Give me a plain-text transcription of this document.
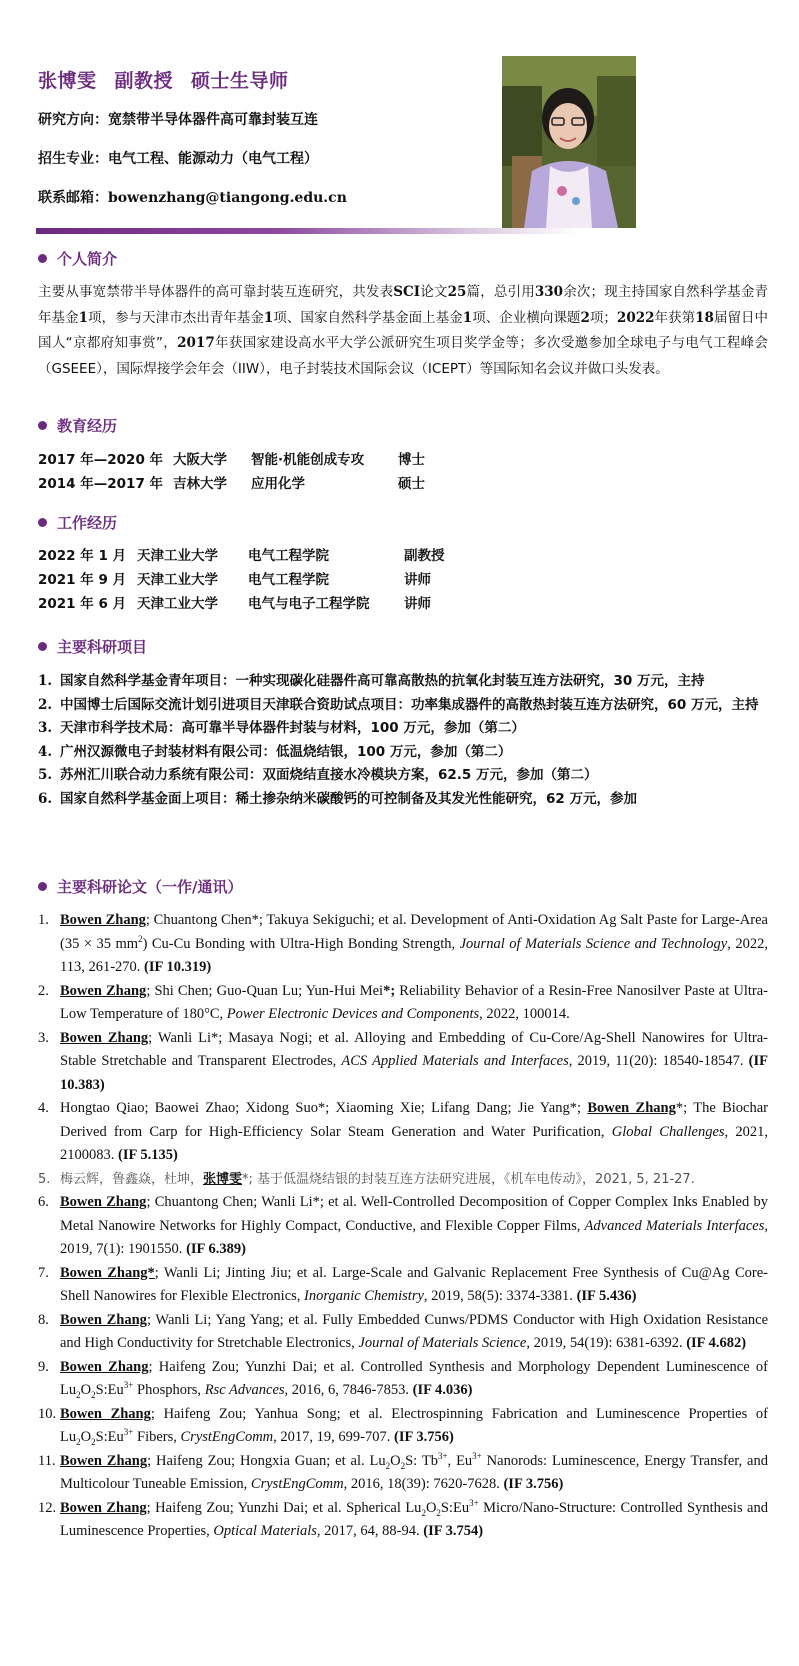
张博雯 副教授 硕士生导师
研究方向：宽禁带半导体器件高可靠封装互连
招生专业：电气工程、能源动力（电气工程）
联系邮箱：bowenzhang@tiangong.edu.cn
个人简介
主要从事宽禁带半导体器件的高可靠封装互连研究，共发表SCI论文25篇，总引用330余次；现主持国家自然科学基金青年基金1项，参与天津市杰出青年基金1项、国家自然科学基金面上基金1项、企业横向课题2项；2022年获第18届留日中国人“京都府知事赏”，2017年获国家建设高水平大学公派研究生项目奖学金等；多次受邀参加全球电子与电气工程峰会（GSEEE），国际焊接学会年会（IIW），电子封装技术国际会议（ICEPT）等国际知名会议并做口头发表。
教育经历
2017 年—2020 年 大阪大学 智能·机能创成专攻	博士
2014 年—2017 年 吉林大学 应用化学	硕士
工作经历
2022 年 1 月 天津工业大学 电气工程学院	副教授
2021 年 9 月 天津工业大学 电气工程学院	讲师
2021 年 6 月 天津工业大学 电气与电子工程学院	讲师
主要科研项目
1. 国家自然科学基金青年项目：一种实现碳化硅器件高可靠高散热的抗氧化封装互连方法研究，30 万元，主持
2. 中国博士后国际交流计划引进项目天津联合资助试点项目：功率集成器件的高散热封装互连方法研究，60 万元，主持
3. 天津市科学技术局：高可靠半导体器件封装与材料，100 万元，参加（第二）
4. 广州汉源微电子封装材料有限公司：低温烧结银，100 万元，参加（第二）
5. 苏州汇川联合动力系统有限公司：双面烧结直接水冷模块方案，62.5 万元，参加（第二）
6. 国家自然科学基金面上项目：稀土掺杂纳米碳酸钙的可控制备及其发光性能研究，62 万元，参加
主要科研论文（一作/通讯）
1. Bowen Zhang; Chuantong Chen*; Takuya Sekiguchi; et al. Development of Anti-Oxidation Ag Salt Paste for Large-Area (35 × 35 $mm^2$) Cu-Cu Bonding with Ultra-High Bonding Strength, Journal of Materials Science and Technology, 2022, 113, 261-270. (IF 10.319)
2. Bowen Zhang; Shi Chen; Guo-Quan Lu; Yun-Hui Mei*; Reliability Behavior of a Resin-Free Nanosilver Paste at Ultra-Low Temperature of 180°C, Power Electronic Devices and Components, 2022, 100014.
3. Bowen Zhang; Wanli Li*; Masaya Nogi; et al. Alloying and Embedding of Cu-Core/Ag-Shell Nanowires for Ultra-Stable Stretchable and Transparent Electrodes, ACS Applied Materials and Interfaces, 2019, 11(20): 18540-18547. (IF 10.383)
4. Hongtao Qiao; Baowei Zhao; Xidong Suo*; Xiaoming Xie; Lifang Dang; Jie Yang*; Bowen Zhang*; The Biochar Derived from Carp for High-Efficiency Solar Steam Generation and Water Purification, Global Challenges, 2021, 2100083. (IF 5.135)
5. 梅云辉，鲁鑫焱，杜坤，张博雯*; 基于低温烧结银的封装互连方法研究进展，《机车电传动》，2021, 5, 21-27.
6. Bowen Zhang; Chuantong Chen; Wanli Li*; et al. Well-Controlled Decomposition of Copper Complex Inks Enabled by Metal Nanowire Networks for Highly Compact, Conductive, and Flexible Copper Films, Advanced Materials Interfaces, 2019, 7(1): 1901550. (IF 6.389)
7. Bowen Zhang*; Wanli Li; Jinting Jiu; et al. Large-Scale and Galvanic Replacement Free Synthesis of Cu@Ag Core-Shell Nanowires for Flexible Electronics, Inorganic Chemistry, 2019, 58(5): 3374-3381. (IF 5.436)
8. Bowen Zhang; Wanli Li; Yang Yang; et al. Fully Embedded Cunws/PDMS Conductor with High Oxidation Resistance and High Conductivity for Stretchable Electronics, Journal of Materials Science, 2019, 54(19): 6381-6392. (IF 4.682)
9. Bowen Zhang; Haifeng Zou; Yunzhi Dai; et al. Controlled Synthesis and Morphology Dependent Luminescence of $Lu_2O_2S:Eu^{3+}$ Phosphors, Rsc Advances, 2016, 6, 7846-7853. (IF 4.036)
10. Bowen Zhang; Haifeng Zou; Yanhua Song; et al. Electrospinning Fabrication and Luminescence Properties of $Lu_2O_2S:Eu^{3+}$ Fibers, CrystEngComm, 2017, 19, 699-707. (IF 3.756)
11. Bowen Zhang; Haifeng Zou; Hongxia Guan; et al. $Lu_2O_2S$: $Tb^{3+}$, $Eu^{3+}$ Nanorods: Luminescence, Energy Transfer, and Multicolour Tuneable Emission, CrystEngComm, 2016, 18(39): 7620-7628. (IF 3.756)
12. Bowen Zhang; Haifeng Zou; Yunzhi Dai; et al. Spherical $Lu_2O_2S:Eu^{3+}$ Micro/Nano-Structure: Controlled Synthesis and Luminescence Properties, Optical Materials, 2017, 64, 88-94. (IF 3.754)
